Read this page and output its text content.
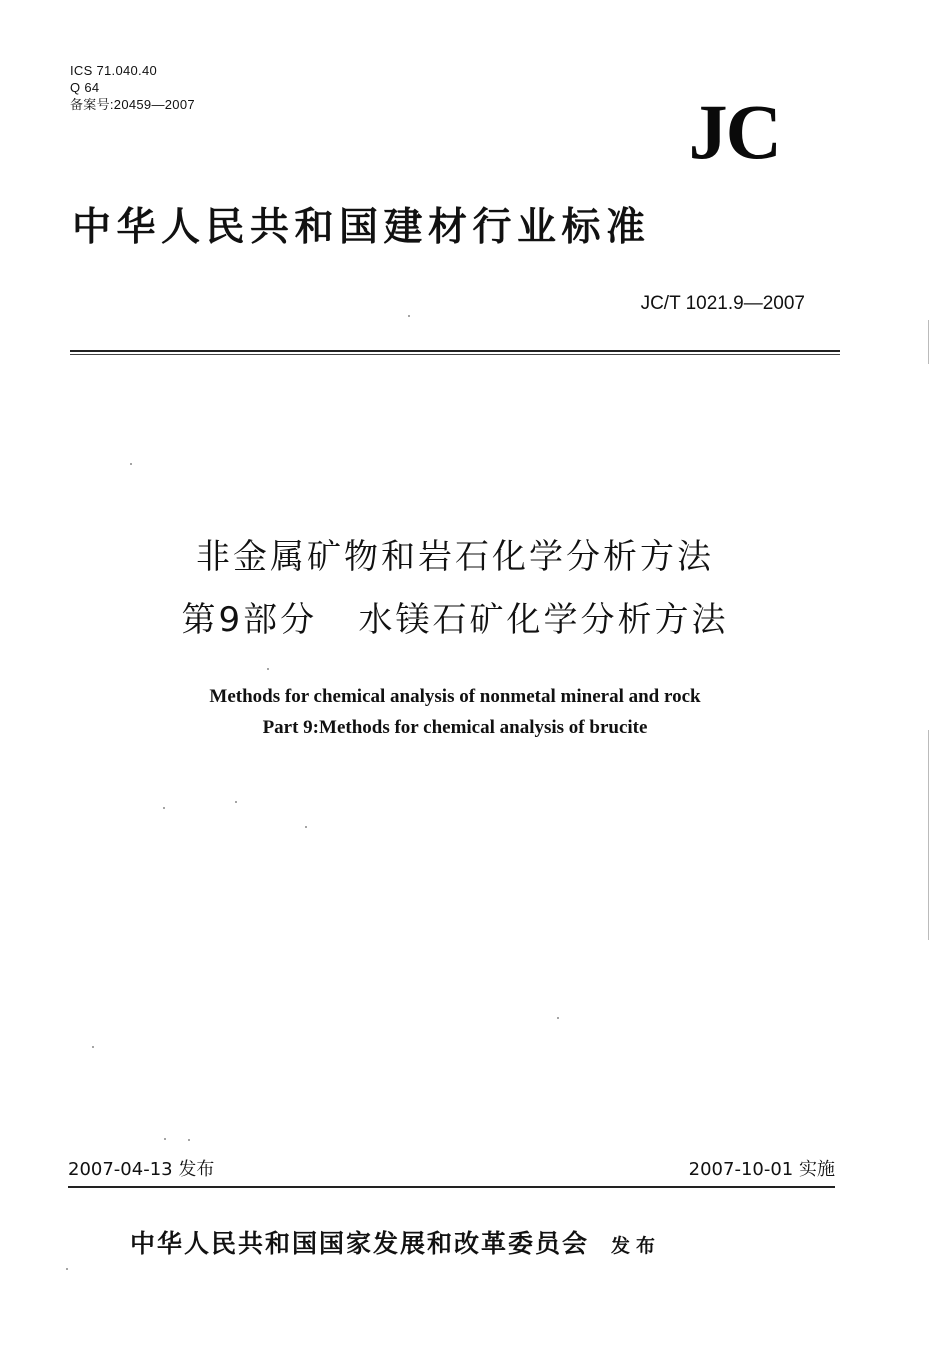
ICS 71.040.40
Q 64
备案号:20459—2007	JC
中华人民共和国建材行业标准
JC/T 1021.9—2007
非金属矿物和岩石化学分析方法
第9部分   水镁石矿化学分析方法
Methods for chemical analysis of nonmetal mineral and rock
Part 9:Methods for chemical analysis of brucite
2007-04-13 发布	2007-10-01 实施
中华人民共和国国家发展和改革委员会 发布
